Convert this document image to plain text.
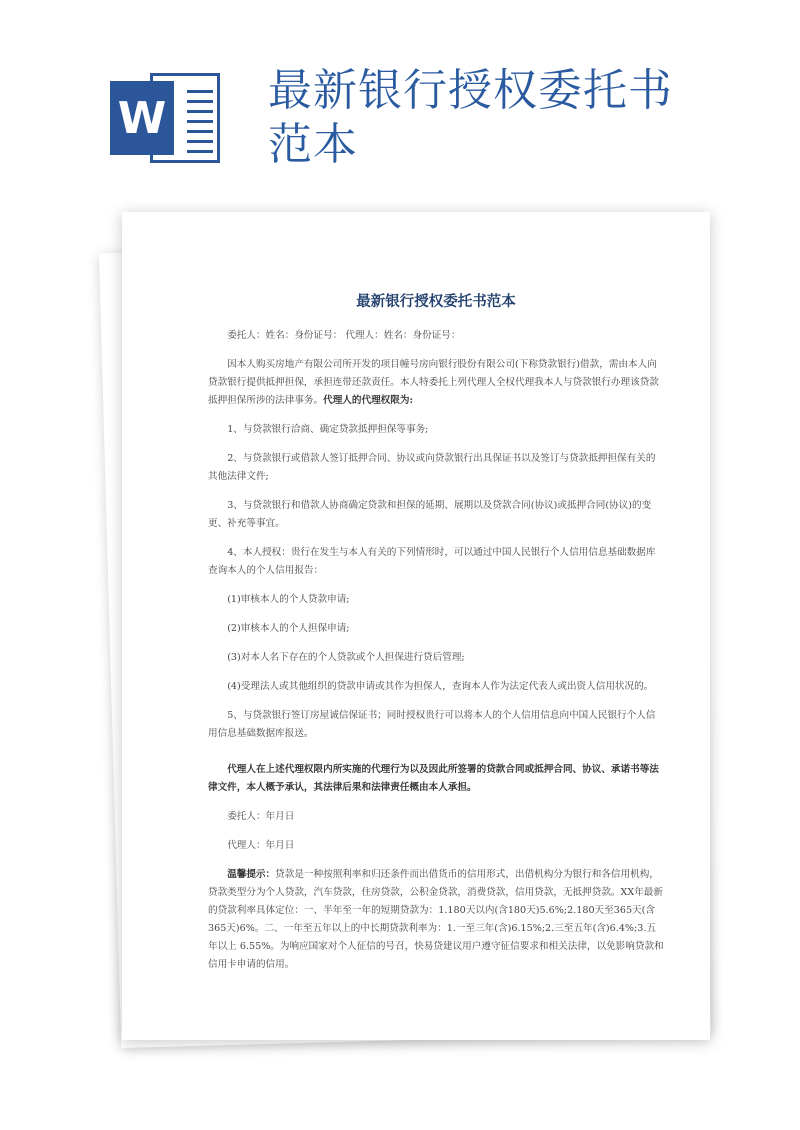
W
最新银行授权委托书范本
最新银行授权委托书范本

委托人：姓名：身份证号： 代理人：姓名：身份证号：

因本人购买房地产有限公司所开发的项目幢号房向银行股份有限公司(下称贷款银行)借款，需由本人向贷款银行提供抵押担保，承担连带还款责任。本人特委托上列代理人全权代理我本人与贷款银行办理该贷款抵押担保所涉的法律事务。代理人的代理权限为:

1、与贷款银行洽商、确定贷款抵押担保等事务;

2、与贷款银行或借款人签订抵押合同、协议或向贷款银行出具保证书以及签订与贷款抵押担保有关的其他法律文件;

3、与贷款银行和借款人协商确定贷款和担保的延期、展期以及贷款合同(协议)或抵押合同(协议)的变更、补充等事宜。

4、本人授权：贵行在发生与本人有关的下列情形时，可以通过中国人民银行个人信用信息基础数据库查询本人的个人信用报告：

(1)审核本人的个人贷款申请;

(2)审核本人的个人担保申请;

(3)对本人名下存在的个人贷款或个人担保进行贷后管理;

(4)受理法人或其他组织的贷款申请或其作为担保人，查询本人作为法定代表人或出资人信用状况的。

5、与贷款银行签订房屋诚信保证书；同时授权贵行可以将本人的个人信用信息向中国人民银行个人信用信息基础数据库报送。

代理人在上述代理权限内所实施的代理行为以及因此所签署的贷款合同或抵押合同、协议、承诺书等法律文件，本人概予承认，其法律后果和法律责任概由本人承担。

委托人：年月日

代理人：年月日

温馨提示：贷款是一种按照利率和归还条件而出借货币的信用形式，出借机构分为银行和各信用机构，贷款类型分为个人贷款，汽车贷款，住房贷款，公积金贷款，消费贷款，信用贷款，无抵押贷款。XX年最新的贷款利率具体定位：一、半年至一年的短期贷款为：1.180天以内(含180天)5.6%;2.180天至365天(含365天)6%。二、一年至五年以上的中长期贷款利率为：1.一至三年(含)6.15%;2.三至五年(含)6.4%;3.五年以上 6.55%。为响应国家对个人征信的号召，快易贷建议用户遵守征信要求和相关法律，以免影响贷款和信用卡申请的信用。
